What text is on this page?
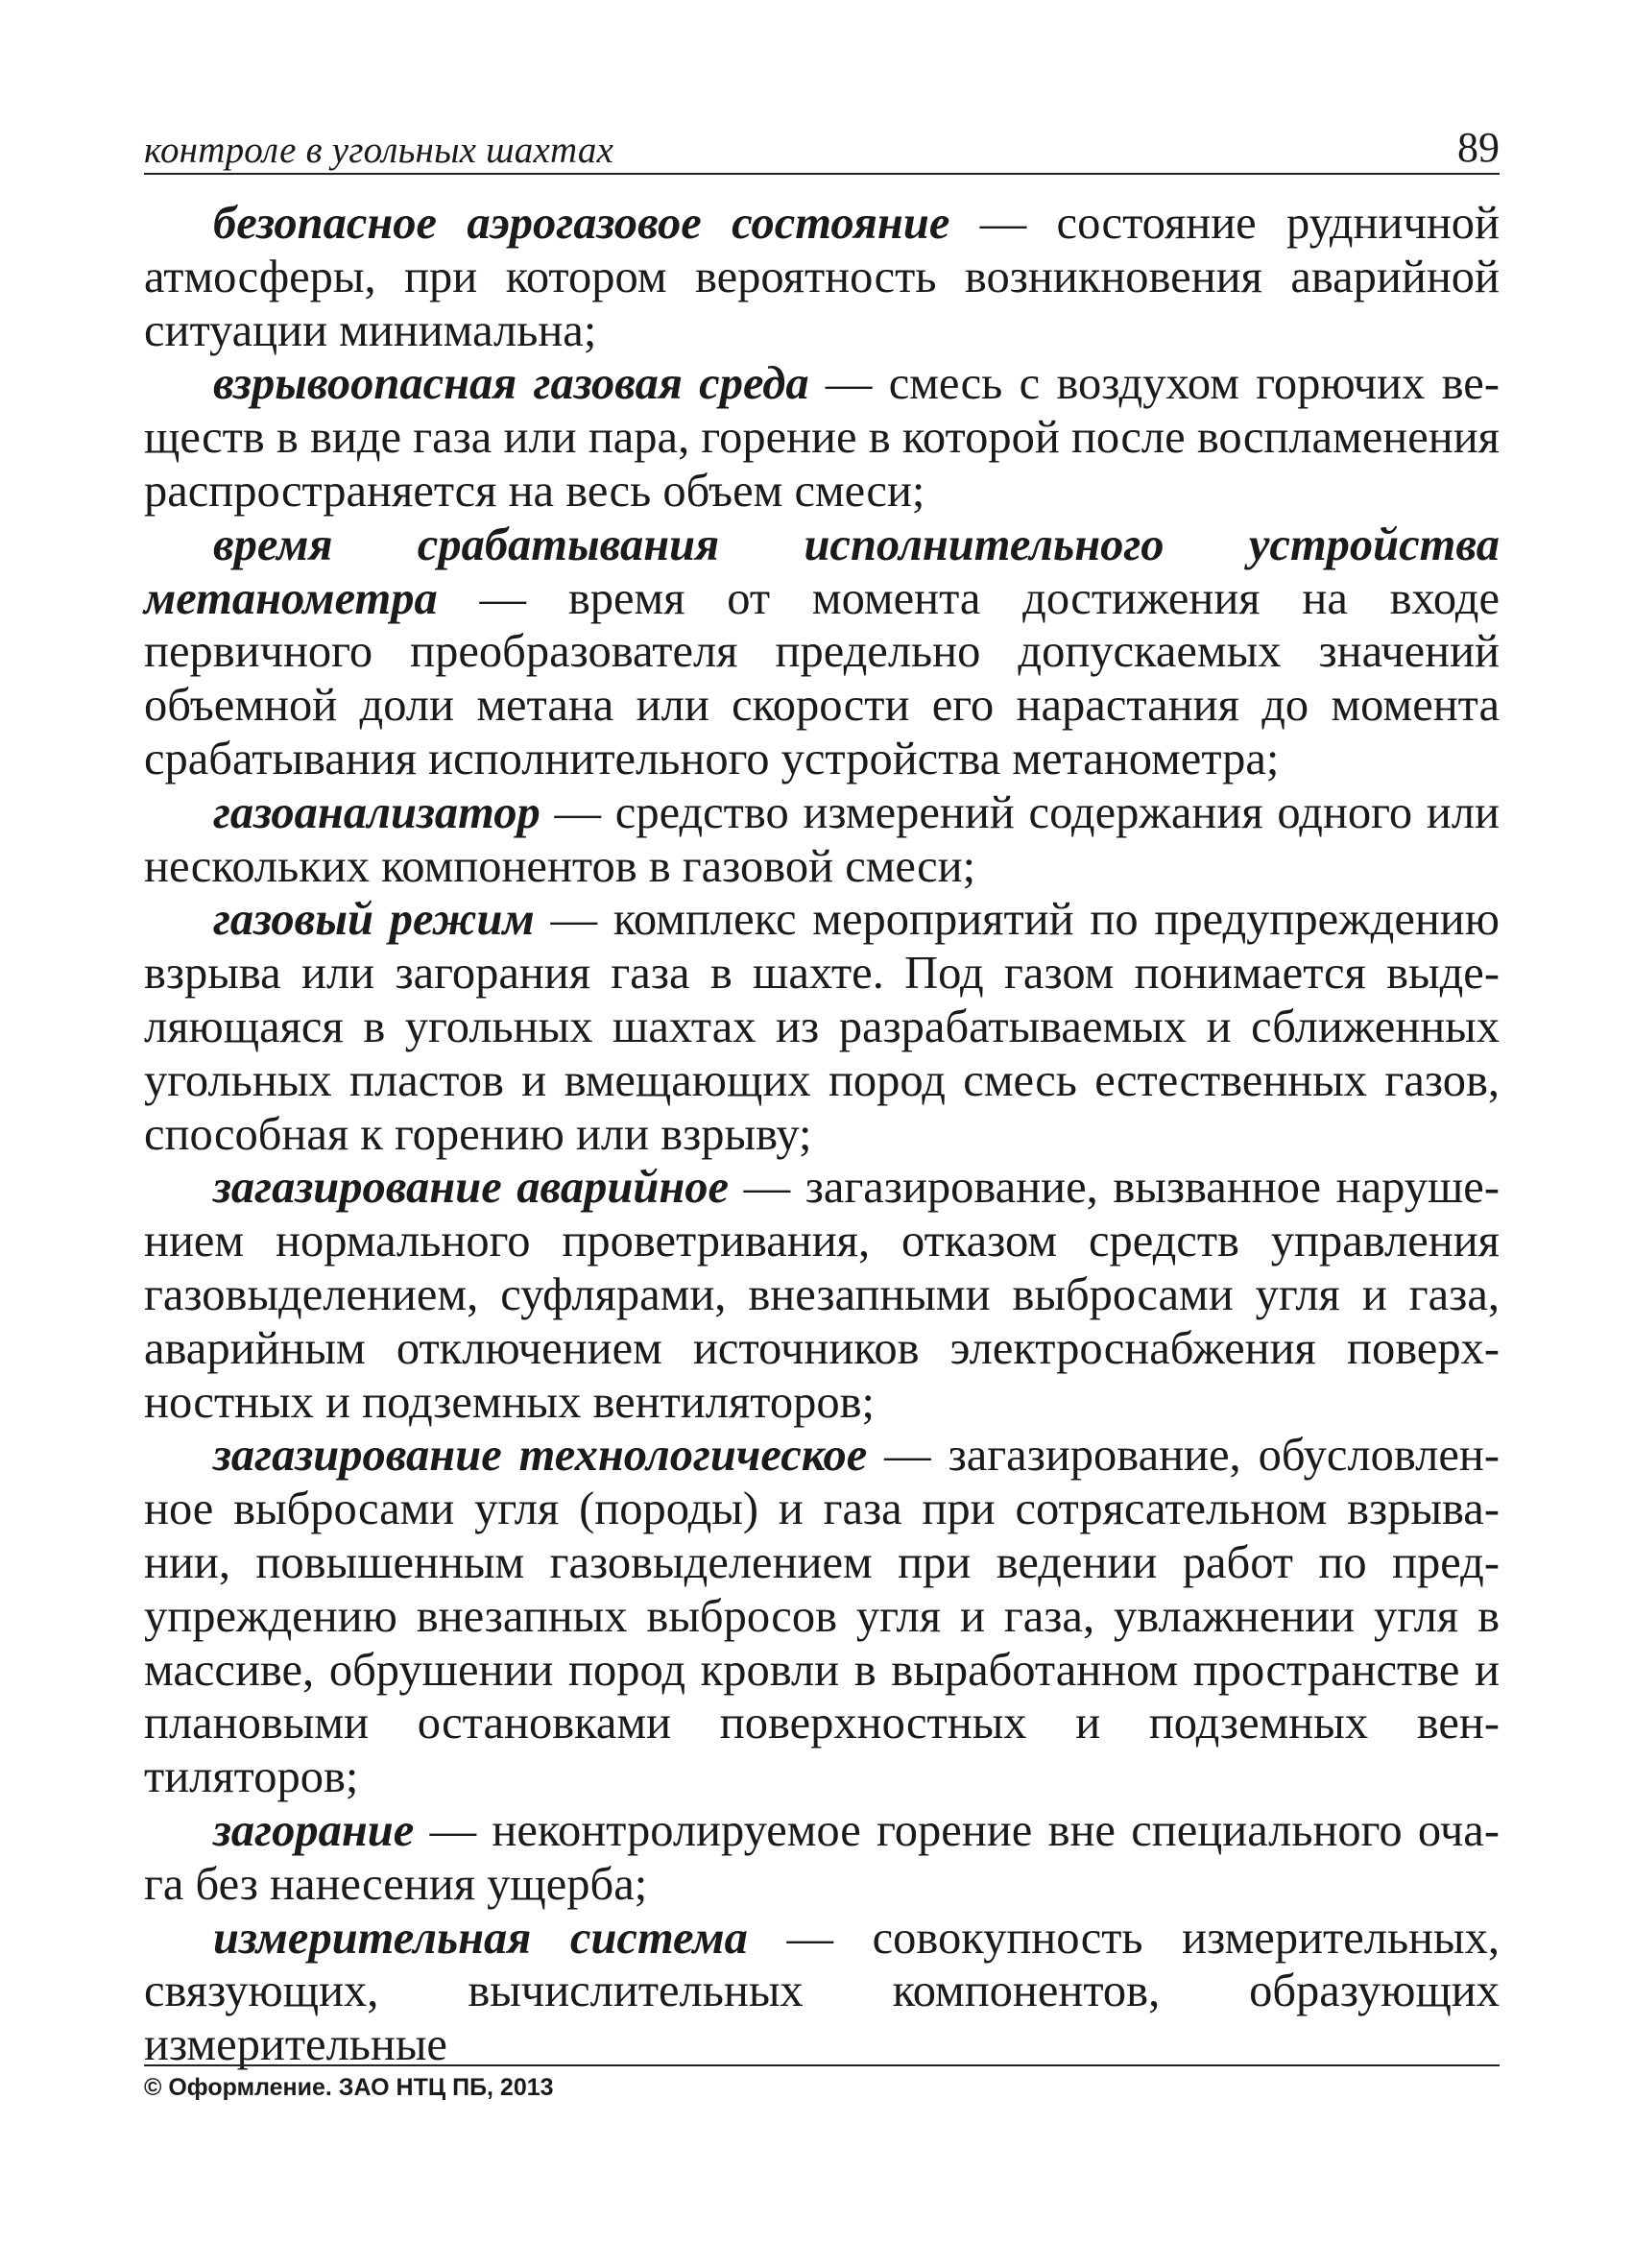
контроле в угольных шахтах	89

безопасное аэрогазовое состояние — состояние рудничной атмосферы, при котором вероятность возникновения аварийной ситуации минимальна;

взрывоопасная газовая среда — смесь с воздухом горючих веществ в виде газа или пара, горение в которой после воспламенения распространяется на весь объем смеси;

время срабатывания исполнительного устройства метанометра — время от момента достижения на входе первичного преобразователя предельно допускаемых значений объемной доли метана или скорости его нарастания до момента срабатывания исполнительного устройства метанометра;

газоанализатор — средство измерений содержания одного или нескольких компонентов в газовой смеси;

газовый режим — комплекс мероприятий по предупреждению взрыва или загорания газа в шахте. Под газом понимается выделяющаяся в угольных шахтах из разрабатываемых и сближенных угольных пластов и вмещающих пород смесь естественных газов, способная к горению или взрыву;

загазирование аварийное — загазирование, вызванное нарушением нормального проветривания, отказом средств управления газовыделением, суфлярами, внезапными выбросами угля и газа, аварийным отключением источников электроснабжения поверхностных и подземных вентиляторов;

загазирование технологическое — загазирование, обусловленное выбросами угля (породы) и газа при сотрясательном взрывании, повышенным газовыделением при ведении работ по предупреждению внезапных выбросов угля и газа, увлажнении угля в массиве, обрушении пород кровли в выработанном пространстве и плановыми остановками поверхностных и подземных вентиляторов;

загорание — неконтролируемое горение вне специального очага без нанесения ущерба;

измерительная система — совокупность измерительных, связующих, вычислительных компонентов, образующих измерительные

© Оформление. ЗАО НТЦ ПБ, 2013
